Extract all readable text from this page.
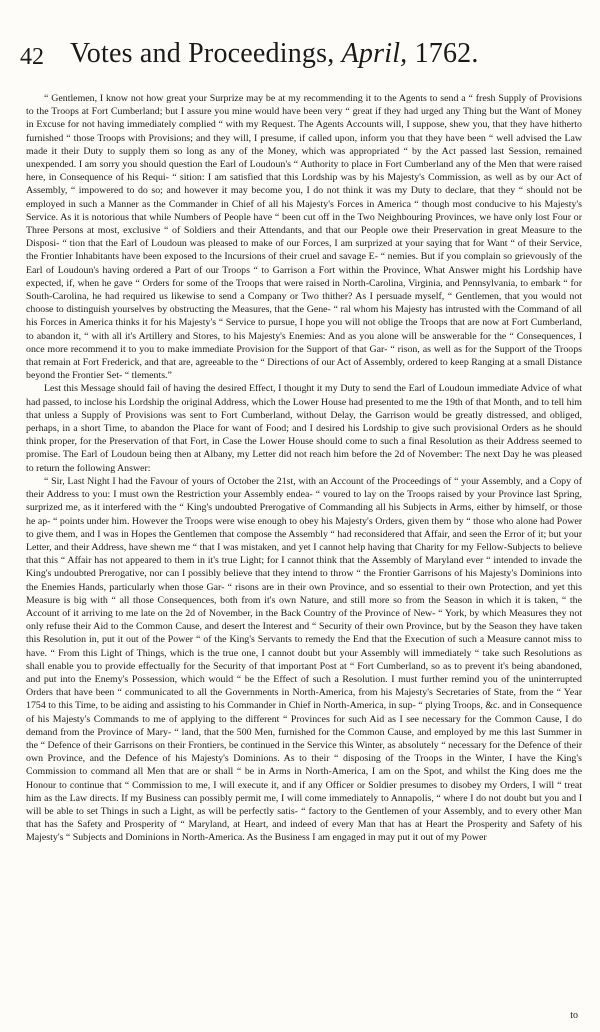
42 Votes and Proceedings, April, 1762.

“ Gentlemen, I know not how great your Surprize may be at my recommending it to the Agents to send a “ fresh Supply of Provisions to the Troops at Fort Cumberland; but I assure you mine would have been very “ great if they had urged any Thing but the Want of Money in Excuse for not having immediately complied “ with my Request. The Agents Accounts will, I suppose, shew you, that they have hitherto furnished “ those Troops with Provisions; and they will, I presume, if called upon, inform you that they have been “ well advised the Law made it their Duty to supply them so long as any of the Money, which was appropriated “ by the Act passed last Session, remained unexpended. I am sorry you should question the Earl of Loudoun's “ Authority to place in Fort Cumberland any of the Men that were raised here, in Consequence of his Requi- “ sition: I am satisfied that this Lordship was by his Majesty's Commission, as well as by our Act of Assembly, “ impowered to do so; and however it may become you, I do not think it was my Duty to declare, that they “ should not be employed in such a Manner as the Commander in Chief of all his Majesty's Forces in America “ though most conducive to his Majesty's Service. As it is notorious that while Numbers of People have “ been cut off in the Two Neighbouring Provinces, we have only lost Four or Three Persons at most, exclusive “ of Soldiers and their Attendants, and that our People owe their Preservation in great Measure to the Disposi- “ tion that the Earl of Loudoun was pleased to make of our Forces, I am surprized at your saying that for Want “ of their Service, the Frontier Inhabitants have been exposed to the Incursions of their cruel and savage E- “ nemies. But if you complain so grievously of the Earl of Loudoun's having ordered a Part of our Troops “ to Garrison a Fort within the Province, What Answer might his Lordship have expected, if, when he gave “ Orders for some of the Troops that were raised in North-Carolina, Virginia, and Pennsylvania, to embark “ for South-Carolina, he had required us likewise to send a Company or Two thither? As I persuade myself, “ Gentlemen, that you would not choose to distinguish yourselves by obstructing the Measures, that the Gene- “ ral whom his Majesty has intrusted with the Command of all his Forces in America thinks it for his Majesty's “ Service to pursue, I hope you will not oblige the Troops that are now at Fort Cumberland, to abandon it, “ with all it's Artillery and Stores, to his Majesty's Enemies: And as you alone will be answerable for the “ Consequences, I once more recommend it to you to make immediate Provision for the Support of that Gar- “ rison, as well as for the Support of the Troops that remain at Fort Frederick, and that are, agreeable to the “ Directions of our Act of Assembly, ordered to keep Ranging at a small Distance beyond the Frontier Set- “ tlements.”

Lest this Message should fail of having the desired Effect, I thought it my Duty to send the Earl of Loudoun immediate Advice of what had passed, to inclose his Lordship the original Address, which the Lower House had presented to me the 19th of that Month, and to tell him that unless a Supply of Provisions was sent to Fort Cumberland, without Delay, the Garrison would be greatly distressed, and obliged, perhaps, in a short Time, to abandon the Place for want of Food; and I desired his Lordship to give such provisional Orders as he should think proper, for the Preservation of that Fort, in Case the Lower House should come to such a final Resolution as their Address seemed to promise. The Earl of Loudoun being then at Albany, my Letter did not reach him before the 2d of November: The next Day he was pleased to return the following Answer:

“ Sir, Last Night I had the Favour of yours of October the 21st, with an Account of the Proceedings of “ your Assembly, and a Copy of their Address to you: I must own the Restriction your Assembly endea- “ voured to lay on the Troops raised by your Province last Spring, surprized me, as it interfered with the “ King's undoubted Prerogative of Commanding all his Subjects in Arms, either by himself, or those he ap- “ points under him. However the Troops were wise enough to obey his Majesty's Orders, given them by “ those who alone had Power to give them, and I was in Hopes the Gentlemen that compose the Assembly “ had reconsidered that Affair, and seen the Error of it; but your Letter, and their Address, have shewn me “ that I was mistaken, and yet I cannot help having that Charity for my Fellow-Subjects to believe that this “ Affair has not appeared to them in it's true Light; for I cannot think that the Assembly of Maryland ever “ intended to invade the King's undoubted Prerogative, nor can I possibly believe that they intend to throw “ the Frontier Garrisons of his Majesty's Dominions into the Enemies Hands, particularly when those Gar- “ risons are in their own Province, and so essential to their own Protection, and yet this Measure is big with “ all those Consequences, both from it's own Nature, and still more so from the Season in which it is taken, “ the Account of it arriving to me late on the 2d of November, in the Back Country of the Province of New- “ York, by which Measures they not only refuse their Aid to the Common Cause, and desert the Interest and “ Security of their own Province, but by the Season they have taken this Resolution in, put it out of the Power “ of the King's Servants to remedy the End that the Execution of such a Measure cannot miss to have. “ From this Light of Things, which is the true one, I cannot doubt but your Assembly will immediately “ take such Resolutions as shall enable you to provide effectually for the Security of that important Post at “ Fort Cumberland, so as to prevent it's being abandoned, and put into the Enemy's Possession, which would “ be the Effect of such a Resolution. I must further remind you of the uninterrupted Orders that have been “ communicated to all the Governments in North-America, from his Majesty's Secretaries of State, from the “ Year 1754 to this Time, to be aiding and assisting to his Commander in Chief in North-America, in sup- “ plying Troops, &c. and in Consequence of his Majesty's Commands to me of applying to the different “ Provinces for such Aid as I see necessary for the Common Cause, I do demand from the Province of Mary- “ land, that the 500 Men, furnished for the Common Cause, and employed by me this last Summer in the “ Defence of their Garrisons on their Frontiers, be continued in the Service this Winter, as absolutely “ necessary for the Defence of their own Province, and the Defence of his Majesty's Dominions. As to their “ disposing of the Troops in the Winter, I have the King's Commission to command all Men that are or shall “ be in Arms in North-America, I am on the Spot, and whilst the King does me the Honour to continue that “ Commission to me, I will execute it, and if any Officer or Soldier presumes to disobey my Orders, I will “ treat him as the Law directs. If my Business can possibly permit me, I will come immediately to Annapolis, “ where I do not doubt but you and I will be able to set Things in such a Light, as will be perfectly satis- “ factory to the Gentlemen of your Assembly, and to every other Man that has the Safety and Prosperity of “ Maryland, at Heart, and indeed of every Man that has at Heart the Prosperity and Safety of his Majesty's “ Subjects and Dominions in North-America. As the Business I am engaged in may put it out of my Power

to
